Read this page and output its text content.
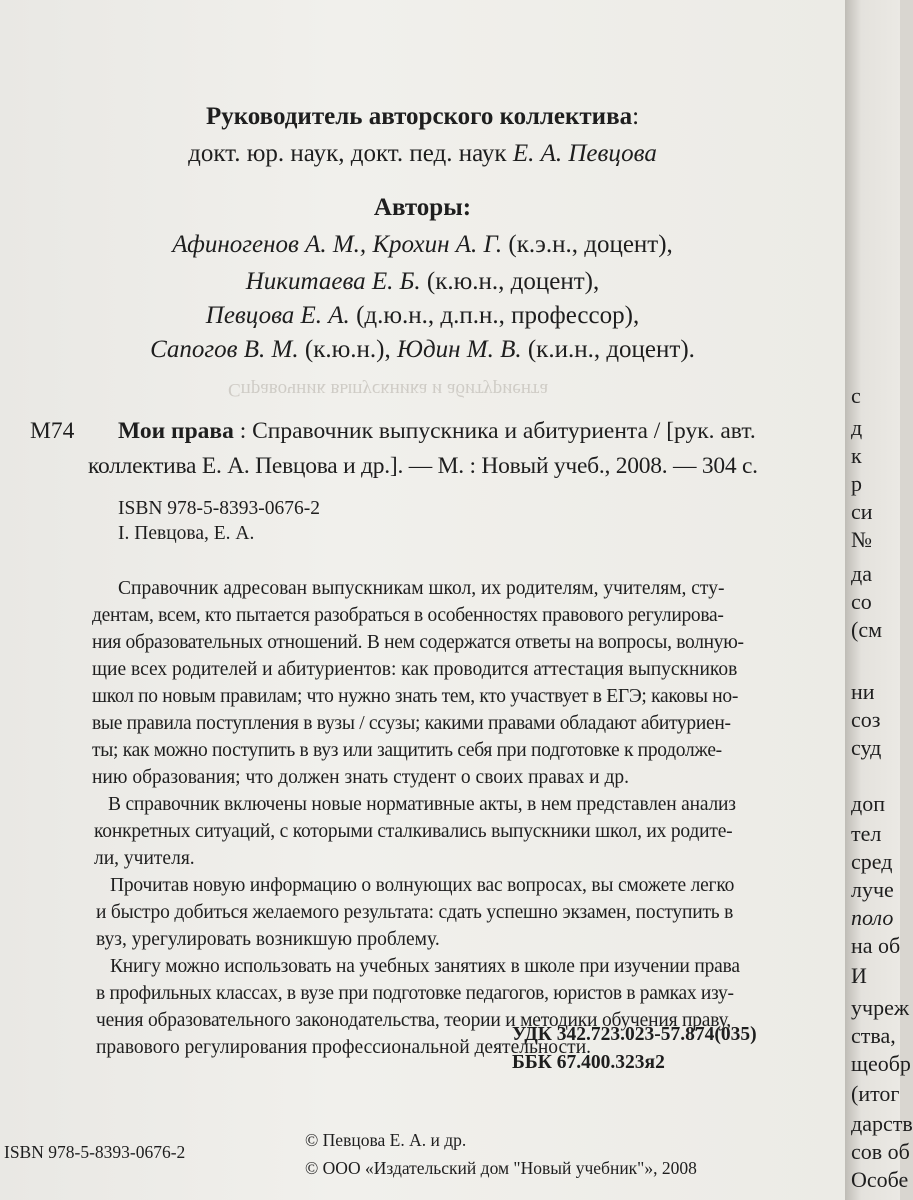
Справочник выпускника и абитуриента
Руководитель авторского коллектива:
докт. юр. наук, докт. пед. наук Е. А. Певцова
Авторы:
Афиногенов А. М., Крохин А. Г. (к.э.н., доцент),
Никитаева Е. Б. (к.ю.н., доцент),
Певцова Е. А. (д.ю.н., д.п.н., профессор),
Сапогов В. М. (к.ю.н.), Юдин М. В. (к.и.н., доцент).
М74 Мои права : Справочник выпускника и абитуриента / [рук. авт.
коллектива Е. А. Певцова и др.]. — М. : Новый учеб., 2008. — 304 с.
ISBN 978-5-8393-0676-2
I. Певцова, Е. А.
Справочник адресован выпускникам школ, их родителям, учителям, сту-
дентам, всем, кто пытается разобраться в особенностях правового регулирова-
ния образовательных отношений. В нем содержатся ответы на вопросы, волную-
щие всех родителей и абитуриентов: как проводится аттестация выпускников
школ по новым правилам; что нужно знать тем, кто участвует в ЕГЭ; каковы но-
вые правила поступления в вузы / ссузы; какими правами обладают абитуриен-
ты; как можно поступить в вуз или защитить себя при подготовке к продолже-
нию образования; что должен знать студент о своих правах и др.
В справочник включены новые нормативные акты, в нем представлен анализ
конкретных ситуаций, с которыми сталкивались выпускники школ, их родите-
ли, учителя.
Прочитав новую информацию о волнующих вас вопросах, вы сможете легко
и быстро добиться желаемого результата: сдать успешно экзамен, поступить в
вуз, урегулировать возникшую проблему.
Книгу можно использовать на учебных занятиях в школе при изучении права
в профильных классах, в вузе при подготовке педагогов, юристов в рамках изу-
чения образовательного законодательства, теории и методики обучения праву,
правового регулирования профессиональной деятельности.
УДК 342.723.023-57.874(035)
ББК 67.400.323я2
ISBN 978-5-8393-0676-2
© Певцова Е. А. и др.
© ООО «Издательский дом "Новый учебник"», 2008
с
д
к
р
си
№
да
со
(см
ни
соз
суд
доп
тел
сред
луче
поло
на об
И
учреж
ства,
щеобр
(итог
дарств
сов об
Особе
